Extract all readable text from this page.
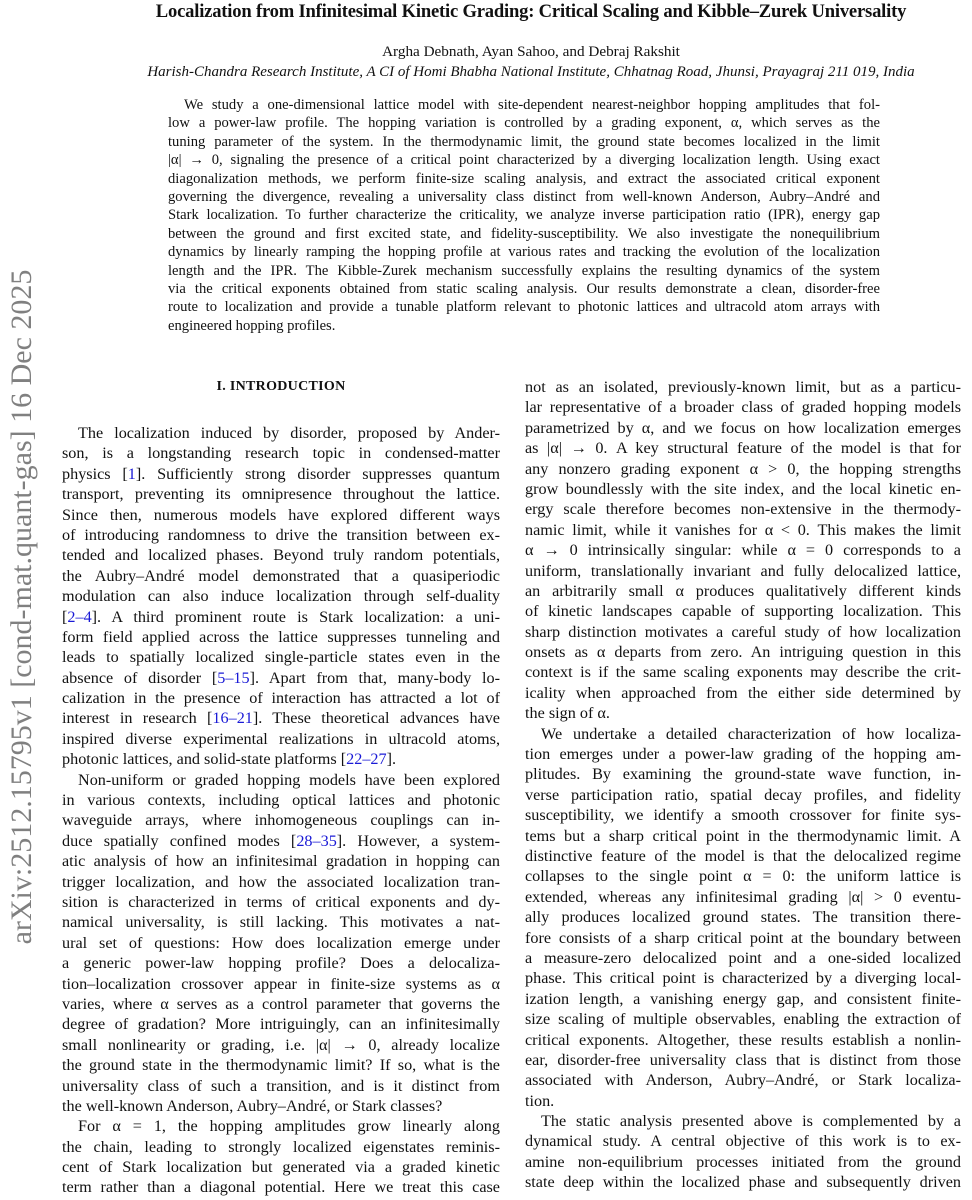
arXiv:2512.15795v1 [cond-mat.quant-gas] 16 Dec 2025
Localization from Infinitesimal Kinetic Grading: Critical Scaling and Kibble–Zurek Universality
Argha Debnath, Ayan Sahoo, and Debraj Rakshit
Harish-Chandra Research Institute, A CI of Homi Bhabha National Institute, Chhatnag Road, Jhunsi, Prayagraj 211 019, India
We study a one-dimensional lattice model with site-dependent nearest-neighbor hopping amplitudes that fol-
low a power-law profile. The hopping variation is controlled by a grading exponent, α, which serves as the
tuning parameter of the system. In the thermodynamic limit, the ground state becomes localized in the limit
|α| → 0, signaling the presence of a critical point characterized by a diverging localization length. Using exact
diagonalization methods, we perform finite-size scaling analysis, and extract the associated critical exponent
governing the divergence, revealing a universality class distinct from well-known Anderson, Aubry–André and
Stark localization. To further characterize the criticality, we analyze inverse participation ratio (IPR), energy gap
between the ground and first excited state, and fidelity-susceptibility. We also investigate the nonequilibrium
dynamics by linearly ramping the hopping profile at various rates and tracking the evolution of the localization
length and the IPR. The Kibble-Zurek mechanism successfully explains the resulting dynamics of the system
via the critical exponents obtained from static scaling analysis. Our results demonstrate a clean, disorder-free
route to localization and provide a tunable platform relevant to photonic lattices and ultracold atom arrays with
engineered hopping profiles.
I. INTRODUCTION
The localization induced by disorder, proposed by Ander-
son, is a longstanding research topic in condensed-matter
physics [1]. Sufficiently strong disorder suppresses quantum
transport, preventing its omnipresence throughout the lattice.
Since then, numerous models have explored different ways
of introducing randomness to drive the transition between ex-
tended and localized phases. Beyond truly random potentials,
the Aubry–André model demonstrated that a quasiperiodic
modulation can also induce localization through self-duality
[2–4]. A third prominent route is Stark localization: a uni-
form field applied across the lattice suppresses tunneling and
leads to spatially localized single-particle states even in the
absence of disorder [5–15]. Apart from that, many-body lo-
calization in the presence of interaction has attracted a lot of
interest in research [16–21]. These theoretical advances have
inspired diverse experimental realizations in ultracold atoms,
photonic lattices, and solid-state platforms [22–27].
Non-uniform or graded hopping models have been explored
in various contexts, including optical lattices and photonic
waveguide arrays, where inhomogeneous couplings can in-
duce spatially confined modes [28–35]. However, a system-
atic analysis of how an infinitesimal gradation in hopping can
trigger localization, and how the associated localization tran-
sition is characterized in terms of critical exponents and dy-
namical universality, is still lacking. This motivates a nat-
ural set of questions: How does localization emerge under
a generic power-law hopping profile? Does a delocaliza-
tion–localization crossover appear in finite-size systems as α
varies, where α serves as a control parameter that governs the
degree of gradation? More intriguingly, can an infinitesimally
small nonlinearity or grading, i.e. |α| → 0, already localize
the ground state in the thermodynamic limit? If so, what is the
universality class of such a transition, and is it distinct from
the well-known Anderson, Aubry–André, or Stark classes?
For α = 1, the hopping amplitudes grow linearly along
the chain, leading to strongly localized eigenstates reminis-
cent of Stark localization but generated via a graded kinetic
term rather than a diagonal potential. Here we treat this case
not as an isolated, previously-known limit, but as a particu-
lar representative of a broader class of graded hopping models
parametrized by α, and we focus on how localization emerges
as |α| → 0. A key structural feature of the model is that for
any nonzero grading exponent α > 0, the hopping strengths
grow boundlessly with the site index, and the local kinetic en-
ergy scale therefore becomes non-extensive in the thermody-
namic limit, while it vanishes for α < 0. This makes the limit
α → 0 intrinsically singular: while α = 0 corresponds to a
uniform, translationally invariant and fully delocalized lattice,
an arbitrarily small α produces qualitatively different kinds
of kinetic landscapes capable of supporting localization. This
sharp distinction motivates a careful study of how localization
onsets as α departs from zero. An intriguing question in this
context is if the same scaling exponents may describe the crit-
icality when approached from the either side determined by
the sign of α.
We undertake a detailed characterization of how localiza-
tion emerges under a power-law grading of the hopping am-
plitudes. By examining the ground-state wave function, in-
verse participation ratio, spatial decay profiles, and fidelity
susceptibility, we identify a smooth crossover for finite sys-
tems but a sharp critical point in the thermodynamic limit. A
distinctive feature of the model is that the delocalized regime
collapses to the single point α = 0: the uniform lattice is
extended, whereas any infinitesimal grading |α| > 0 eventu-
ally produces localized ground states. The transition there-
fore consists of a sharp critical point at the boundary between
a measure-zero delocalized point and a one-sided localized
phase. This critical point is characterized by a diverging local-
ization length, a vanishing energy gap, and consistent finite-
size scaling of multiple observables, enabling the extraction of
critical exponents. Altogether, these results establish a nonlin-
ear, disorder-free universality class that is distinct from those
associated with Anderson, Aubry–André, or Stark localiza-
tion.
The static analysis presented above is complemented by a
dynamical study. A central objective of this work is to ex-
amine non-equilibrium processes initiated from the ground
state deep within the localized phase and subsequently driven
